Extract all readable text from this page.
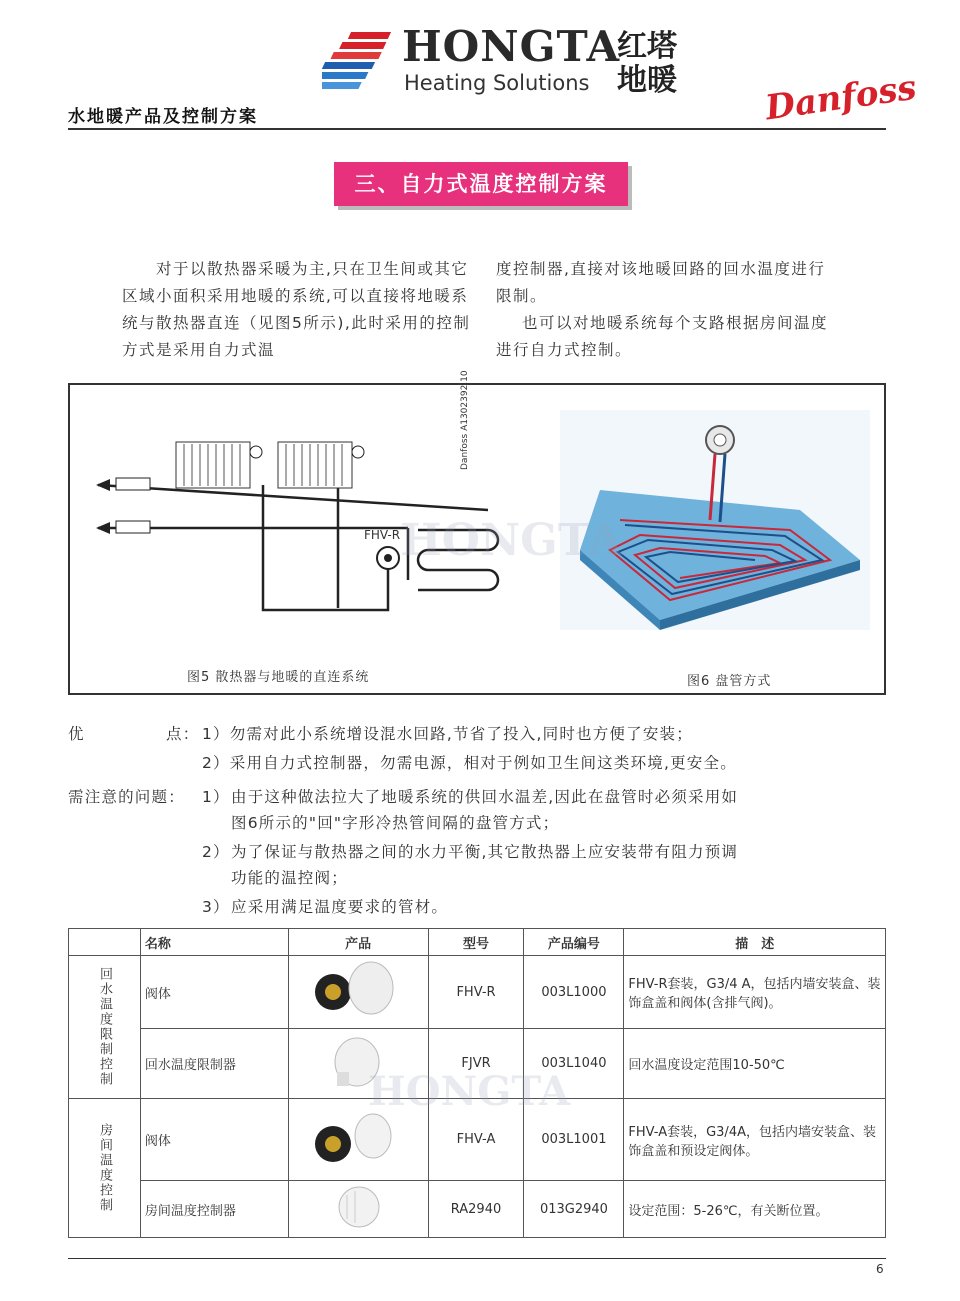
HONGTA
Heating Solutions
红塔地暖
水地暖产品及控制方案	Danfoss
三、自力式温度控制方案
对于以散热器采暖为主,只在卫生间或其它区域小面积采用地暖的系统,可以直接将地暖系统与散热器直连（见图5所示),此时采用的控制方式是采用自力式温
度控制器,直接对该地暖回路的回水温度进行限制。
也可以对地暖系统每个支路根据房间温度进行自力式控制。
FHV-R
Danfoss A1302392.10
图5 散热器与地暖的直连系统	图6 盘管方式
HONGTA
优	点： 1）勿需对此小系统增设混水回路,节省了投入,同时也方便了安装；
2）采用自力式控制器，勿需电源，相对于例如卫生间这类环境,更安全。
需注意的问题： 1） 由于这种做法拉大了地暖系统的供回水温差,因此在盘管时必须采用如
图6所示的"回"字形冷热管间隔的盘管方式；
2） 为了保证与散热器之间的水力平衡,其它散热器上应安装带有阻力预调
功能的温控阀；
3） 应采用满足温度要求的管材。
	名称	产品	型号	产品编号	描　述

回水温度限制控制	阀体		FHV-R	003L1000	FHV-R套装，G3/4 A，包括内墙安装盒、装饰盒盖和阀体(含排气阀)。
	回水温度限制器		FJVR	003L1040	回水温度设定范围10-50℃

房间温度控制	阀体		FHV-A	003L1001	FHV-A套装，G3/4A，包括内墙安装盒、装饰盒盖和预设定阀体。
	房间温度控制器		RA2940	013G2940	设定范围：5-26℃，有关断位置。
HONGTA
6
